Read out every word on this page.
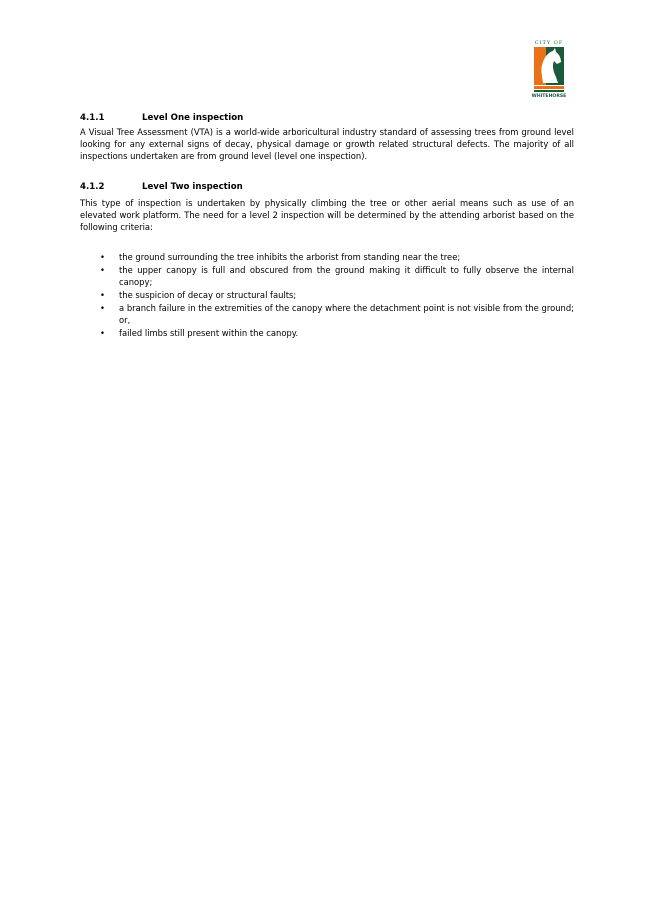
CITY OF
WHITEHORSE
4.1.1	Level One inspection

A Visual Tree Assessment (VTA) is a world-wide arboricultural industry standard of assessing trees from ground level looking for any external signs of decay, physical damage or growth related structural defects. The majority of all inspections undertaken are from ground level (level one inspection).

4.1.2	Level Two inspection

This type of inspection is undertaken by physically climbing the tree or other aerial means such as use of an elevated work platform. The need for a level 2 inspection will be determined by the attending arborist based on the following criteria:

• the ground surrounding the tree inhibits the arborist from standing near the tree;
• the upper canopy is full and obscured from the ground making it difficult to fully observe the internal canopy;
• the suspicion of decay or structural faults;
• a branch failure in the extremities of the canopy where the detachment point is not visible from the ground; or,
• failed limbs still present within the canopy.
